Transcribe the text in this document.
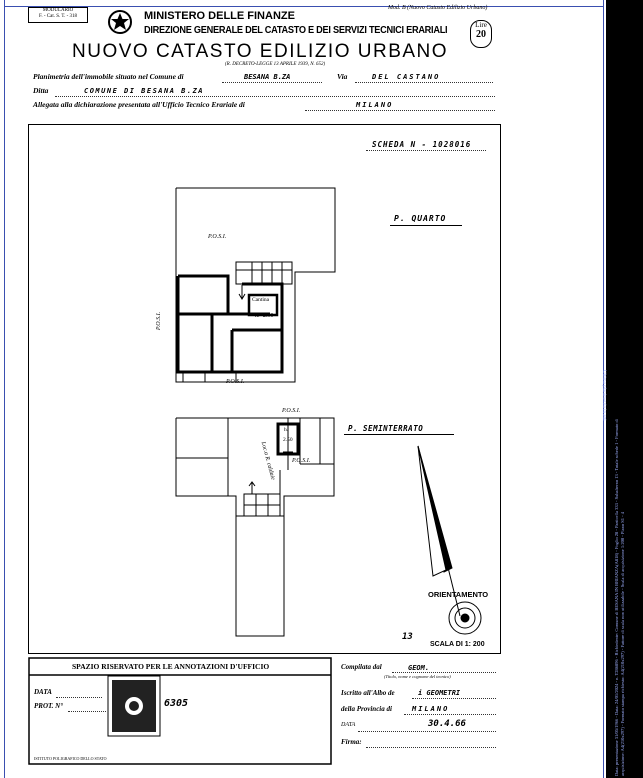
MODULARIO
F. - Cat. S. T. - 318	MINISTERO DELLE FINANZE
DIREZIONE GENERALE DEL CATASTO E DEI SERVIZI TECNICI ERARIALI
Mod. B (Nuovo Catasto Edilizio Urbano)
Lire
20
NUOVO CATASTO EDILIZIO URBANO
(R. DECRETO-LEGGE 13 APRILE 1939, N. 652)
Planimetria dell'immobile situato nel Comune di	BESANA B.ZA	Via	DEL CASTANO
Ditta	COMUNE DI BESANA B.ZA
Allegata alla dichiarazione presentata all'Ufficio Tecnico Erariale di	MILANO
SCHEDA N - 1028016
P. QUARTO
P.O.S.I.
P.O.S.I.
P.O.S.I.
Cantina
h.=2.90
P.O.S.I.
P. SEMINTERRATO
Loc.a R. caldaie
h.
2.50
P.O.S.I.
ORIENTAMENTO
SCALA DI 1: 200
13
SPAZIO RISERVATO PER LE ANNOTAZIONI D'UFFICIO
DATA
PROT. N°	6305
ISTITUTO POLIGRAFICO DELLO STATO
Compilata dal	GEOM.
(Titolo, nome e cognome del tecnico)
Iscritto all'Albo de	i GEOMETRI
della Provincia di	MILANO
DATA	30.4.66
Firma:
Ultima planimetria in atti
Data: presentazione 31/05/1966 - Data: 24/01/2024 - n. T286896 - Richiedente: Comune di BESANA IN BRIANZA(A818) - Foglio 28 - Particella 333 - Subalterno 13 - Totale schede 1 - Formato di acquisizione: A4(210x297) - Formato stampa richiesto: A4(210x297) - Fattore di scala non utilizzabile - Scala di acquisizione 1:200 - Piano S1 - 4
